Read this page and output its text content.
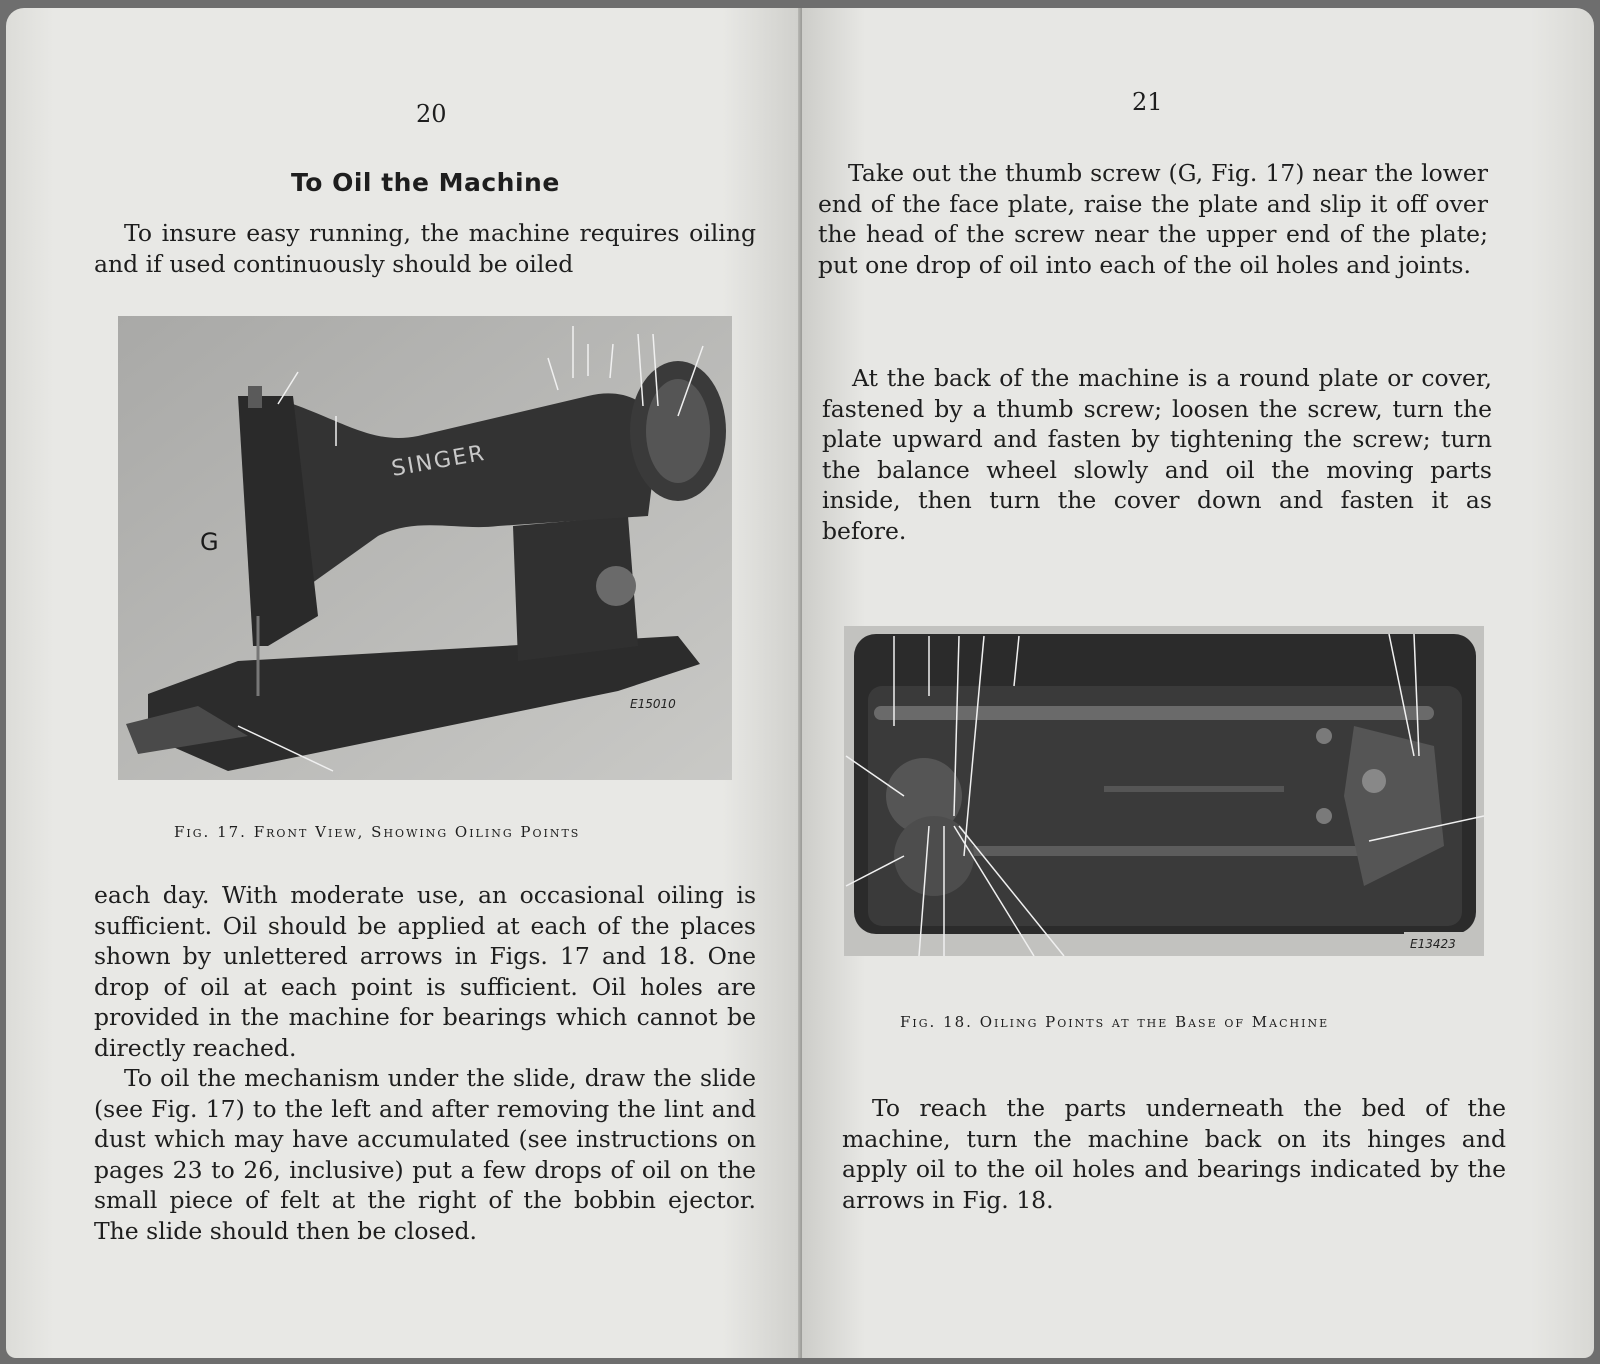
20
To Oil the Machine

To insure easy running, the machine requires oiling and if used continuously should be oiled

SINGER
G
E15010
Fig. 17. Front View, Showing Oiling Points

each day. With moderate use, an occasional oiling is sufficient. Oil should be applied at each of the places shown by unlettered arrows in Figs. 17 and 18. One drop of oil at each point is sufficient. Oil holes are provided in the machine for bearings which cannot be directly reached.

To oil the mechanism under the slide, draw the slide (see Fig. 17) to the left and after removing the lint and dust which may have accumulated (see instructions on pages 23 to 26, inclusive) put a few drops of oil on the small piece of felt at the right of the bobbin ejector. The slide should then be closed.

21

Take out the thumb screw (G, Fig. 17) near the lower end of the face plate, raise the plate and slip it off over the head of the screw near the upper end of the plate; put one drop of oil into each of the oil holes and joints.

At the back of the machine is a round plate or cover, fastened by a thumb screw; loosen the screw, turn the plate upward and fasten by tightening the screw; turn the balance wheel slowly and oil the moving parts inside, then turn the cover down and fasten it as before.

E13423
Fig. 18. Oiling Points at the Base of Machine

To reach the parts underneath the bed of the machine, turn the machine back on its hinges and apply oil to the oil holes and bearings indicated by the arrows in Fig. 18.
